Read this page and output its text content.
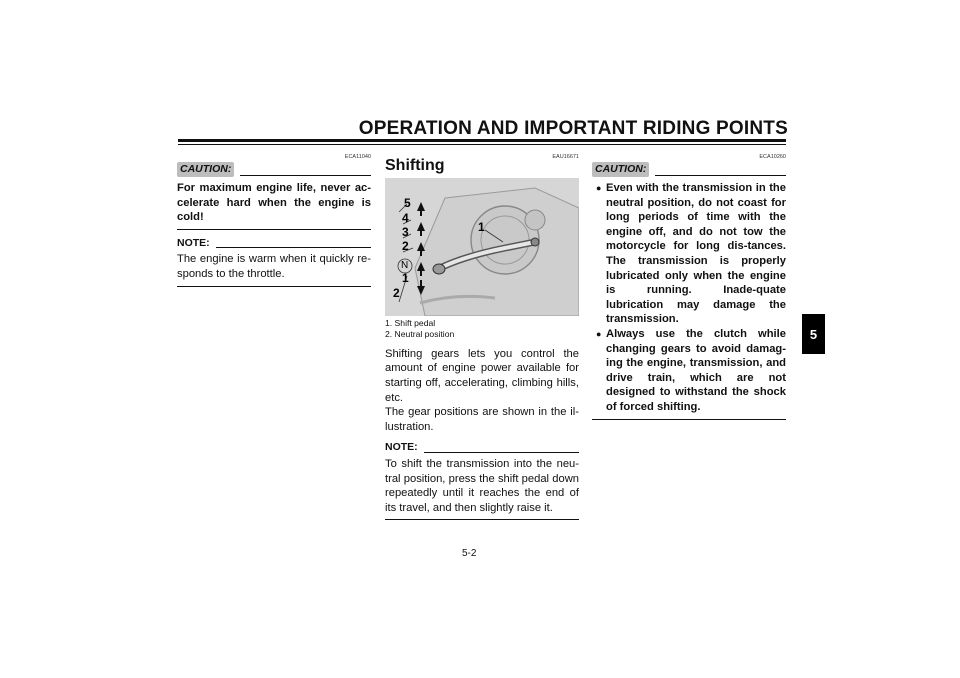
OPERATION AND IMPORTANT RIDING POINTS
ECA11040
CAUTION:
For maximum engine life, never ac-celerate hard when the engine is cold!
NOTE:
The engine is warm when it quickly re-sponds to the throttle.
EAU16671
Shifting
5
4
3
2
N
1
1
2
1. Shift pedal
2. Neutral position
Shifting gears lets you control the amount of engine power available for starting off, accelerating, climbing hills, etc.
The gear positions are shown in the il-lustration.
NOTE:
To shift the transmission into the neu-tral position, press the shift pedal down repeatedly until it reaches the end of its travel, and then slightly raise it.
ECA10260
CAUTION:
● Even with the transmission in the neutral position, do not coast for long periods of time with the engine off, and do not tow the motorcycle for long dis-tances. The transmission is properly lubricated only when the engine is running. Inade-quate lubrication may damage the transmission.
● Always use the clutch while changing gears to avoid damag-ing the engine, transmission, and drive train, which are not designed to withstand the shock of forced shifting.
5-2
5
